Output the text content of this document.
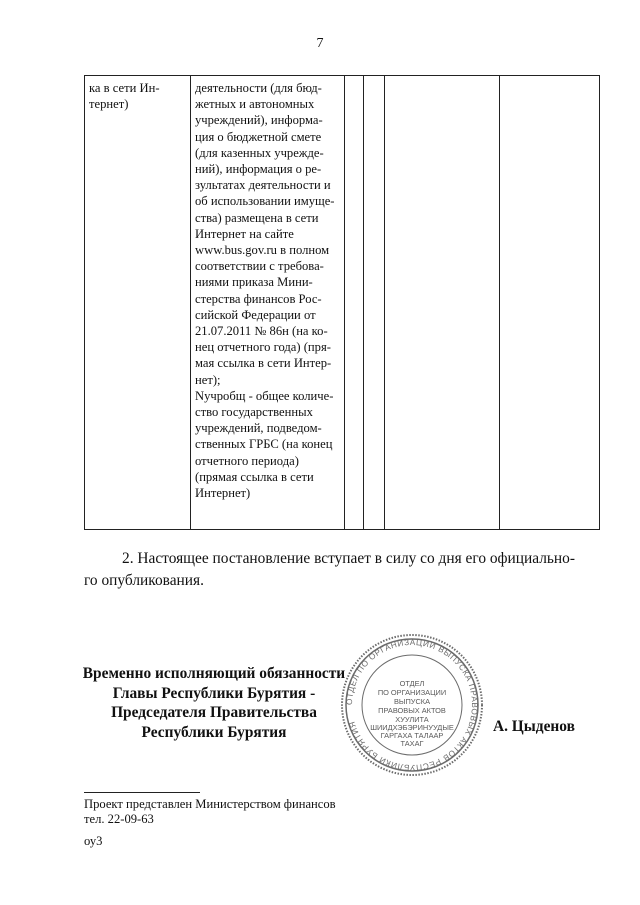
7
ка в сети Ин-
тернет)

деятельности (для бюд-
жетных и автономных
учреждений), информа-
ция о бюджетной смете
(для казенных учрежде-
ний), информация о ре-
зультатах деятельности и
об использовании имуще-
ства) размещена в сети
Интернет на сайте
www.bus.gov.ru в полном
соответствии с требова-
ниями приказа Мини-
стерства финансов Рос-
сийской Федерации от
21.07.2011 № 86н (на ко-
нец отчетного года) (пря-
мая ссылка в сети Интер-
нет);
Nучробщ - общее количе-
ство государственных
учреждений, подведом-
ственных ГРБС (на конец
отчетного периода)
(прямая ссылка в сети
Интернет)

2. Настоящее постановление вступает в силу со дня его официально-
го опубликования.
Временно исполняющий обязанности
Главы Республики Бурятия -
Председателя Правительства
Республики Бурятия
ОТДЕЛ ПО ОРГАНИЗАЦИИ ВЫПУСКА ПРАВОВЫХ АКТОВ РЕСПУБЛИКИ БУРЯТИЯ
ОТДЕЛ
ПО ОРГАНИЗАЦИИ
ВЫПУСКА
ПРАВОВЫХ АКТОВ
ХУУЛИТА
ШИИДХЭБЭРИНУУДЫЕ
ГАРГАХА ТАЛААР
ТАХАГ
А. Цыденов
Проект представлен Министерством финансов
тел. 22-09-63
оу3
